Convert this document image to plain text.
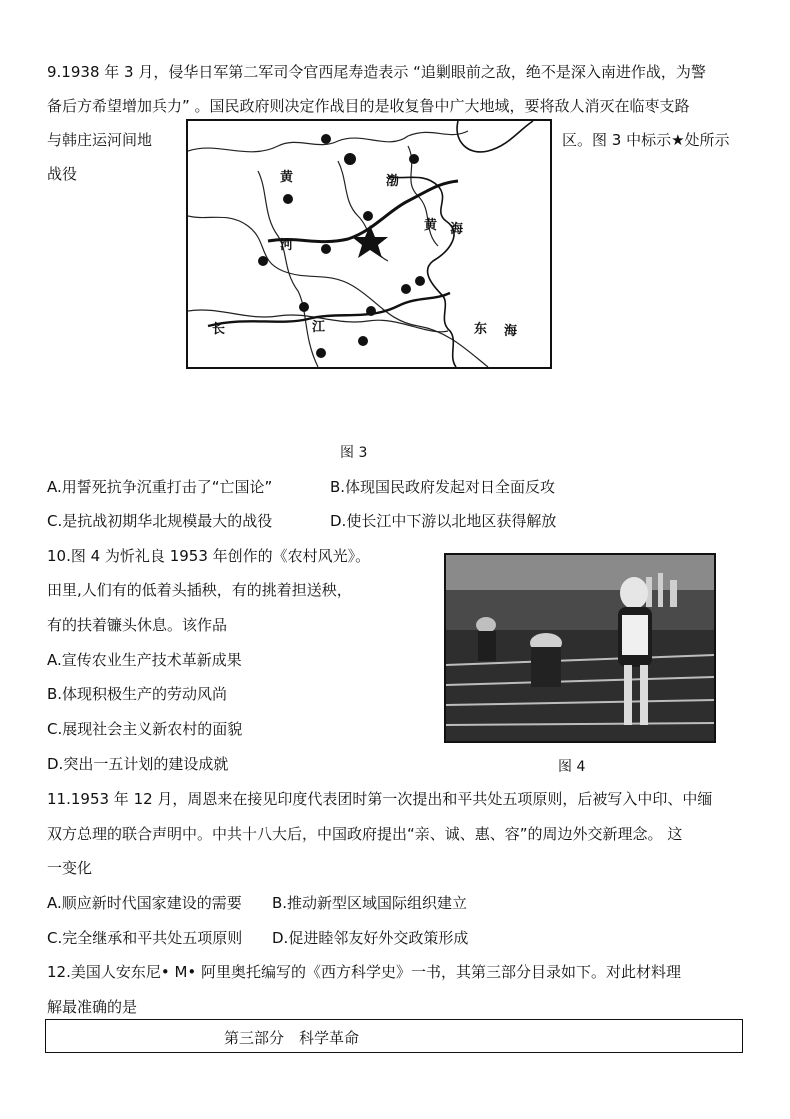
9.1938 年 3 月，侵华日军第二军司令官西尾寿造表示 “追剿眼前之敌，绝不是深入南进作战，为警
备后方希望增加兵力” 。国民政府则决定作战目的是收复鲁中广大地域，要将敌人消灭在临枣支路
与韩庄运河间地	区。图 3 中标示★处所示
战役	黄
河
渤
黄 海
长	江	东 海
图 3
A.用誓死抗争沉重打击了“亡国论”	B.体现国民政府发起对日全面反攻
C.是抗战初期华北规模最大的战役	D.使长江中下游以北地区获得解放
10.图 4 为忻礼良 1953 年创作的《农村风光》。
田里,人们有的低着头插秧，有的挑着担送秧，
有的扶着镰头休息。该作品
A.宣传农业生产技术革新成果
B.体现积极生产的劳动风尚
C.展现社会主义新农村的面貌
D.突出一五计划的建设成就	图 4
11.1953 年 12 月，周恩来在接见印度代表团时第一次提出和平共处五项原则，后被写入中印、中缅
双方总理的联合声明中。中共十八大后，中国政府提出“亲、诚、惠、容”的周边外交新理念。 这
一变化
A.顺应新时代国家建设的需要 B.推动新型区域国际组织建立
C.完全继承和平共处五项原则 D.促进睦邻友好外交政策形成
12.美国人安东尼• M• 阿里奥托编写的《西方科学史》一书，其第三部分目录如下。对此材料理
解最准确的是
第三部分　科学革命
